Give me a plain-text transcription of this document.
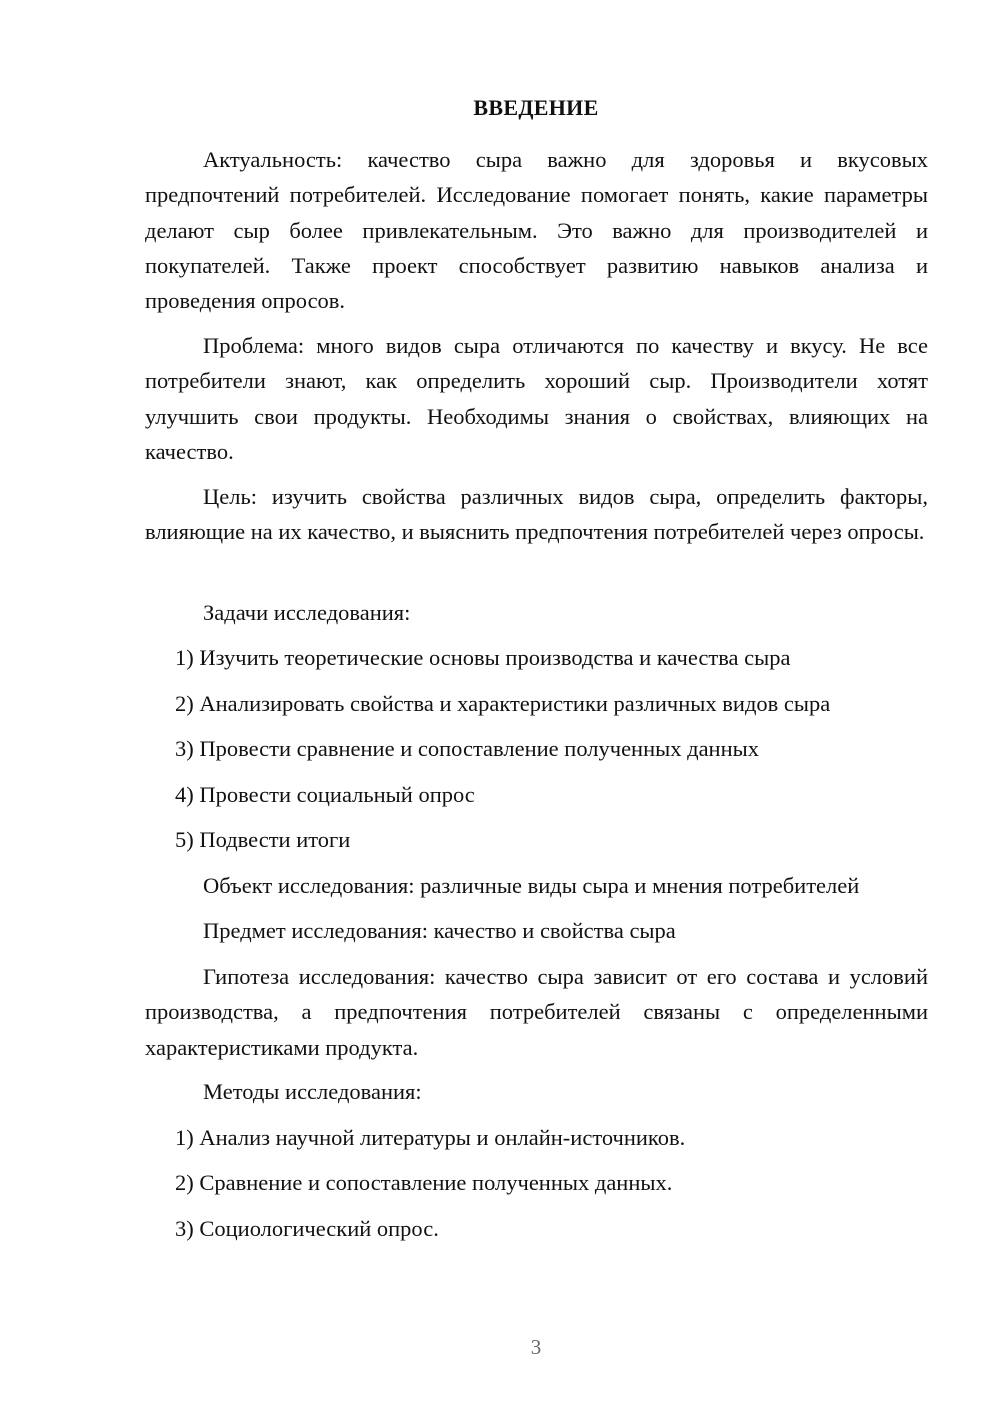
ВВЕДЕНИЕ

Актуальность: качество сыра важно для здоровья и вкусовых предпочтений потребителей. Исследование помогает понять, какие параметры делают сыр более привлекательным. Это важно для производителей и покупателей. Также проект способствует развитию навыков анализа и проведения опросов.

Проблема: много видов сыра отличаются по качеству и вкусу. Не все потребители знают, как определить хороший сыр. Производители хотят улучшить свои продукты. Необходимы знания о свойствах, влияющих на качество.

Цель: изучить свойства различных видов сыра, определить факторы, влияющие на их качество, и выяснить предпочтения потребителей через опросы.

Задачи исследования:

1) Изучить теоретические основы производства и качества сыра

2) Анализировать свойства и характеристики различных видов сыра

3) Провести сравнение и сопоставление полученных данных

4) Провести социальный опрос

5) Подвести итоги

Объект исследования: различные виды сыра и мнения потребителей

Предмет исследования: качество и свойства сыра

Гипотеза исследования: качество сыра зависит от его состава и условий производства, а предпочтения потребителей связаны с определенными характеристиками продукта.

Методы исследования:

1) Анализ научной литературы и онлайн-источников.

2) Сравнение и сопоставление полученных данных.

3) Социологический опрос.

3
